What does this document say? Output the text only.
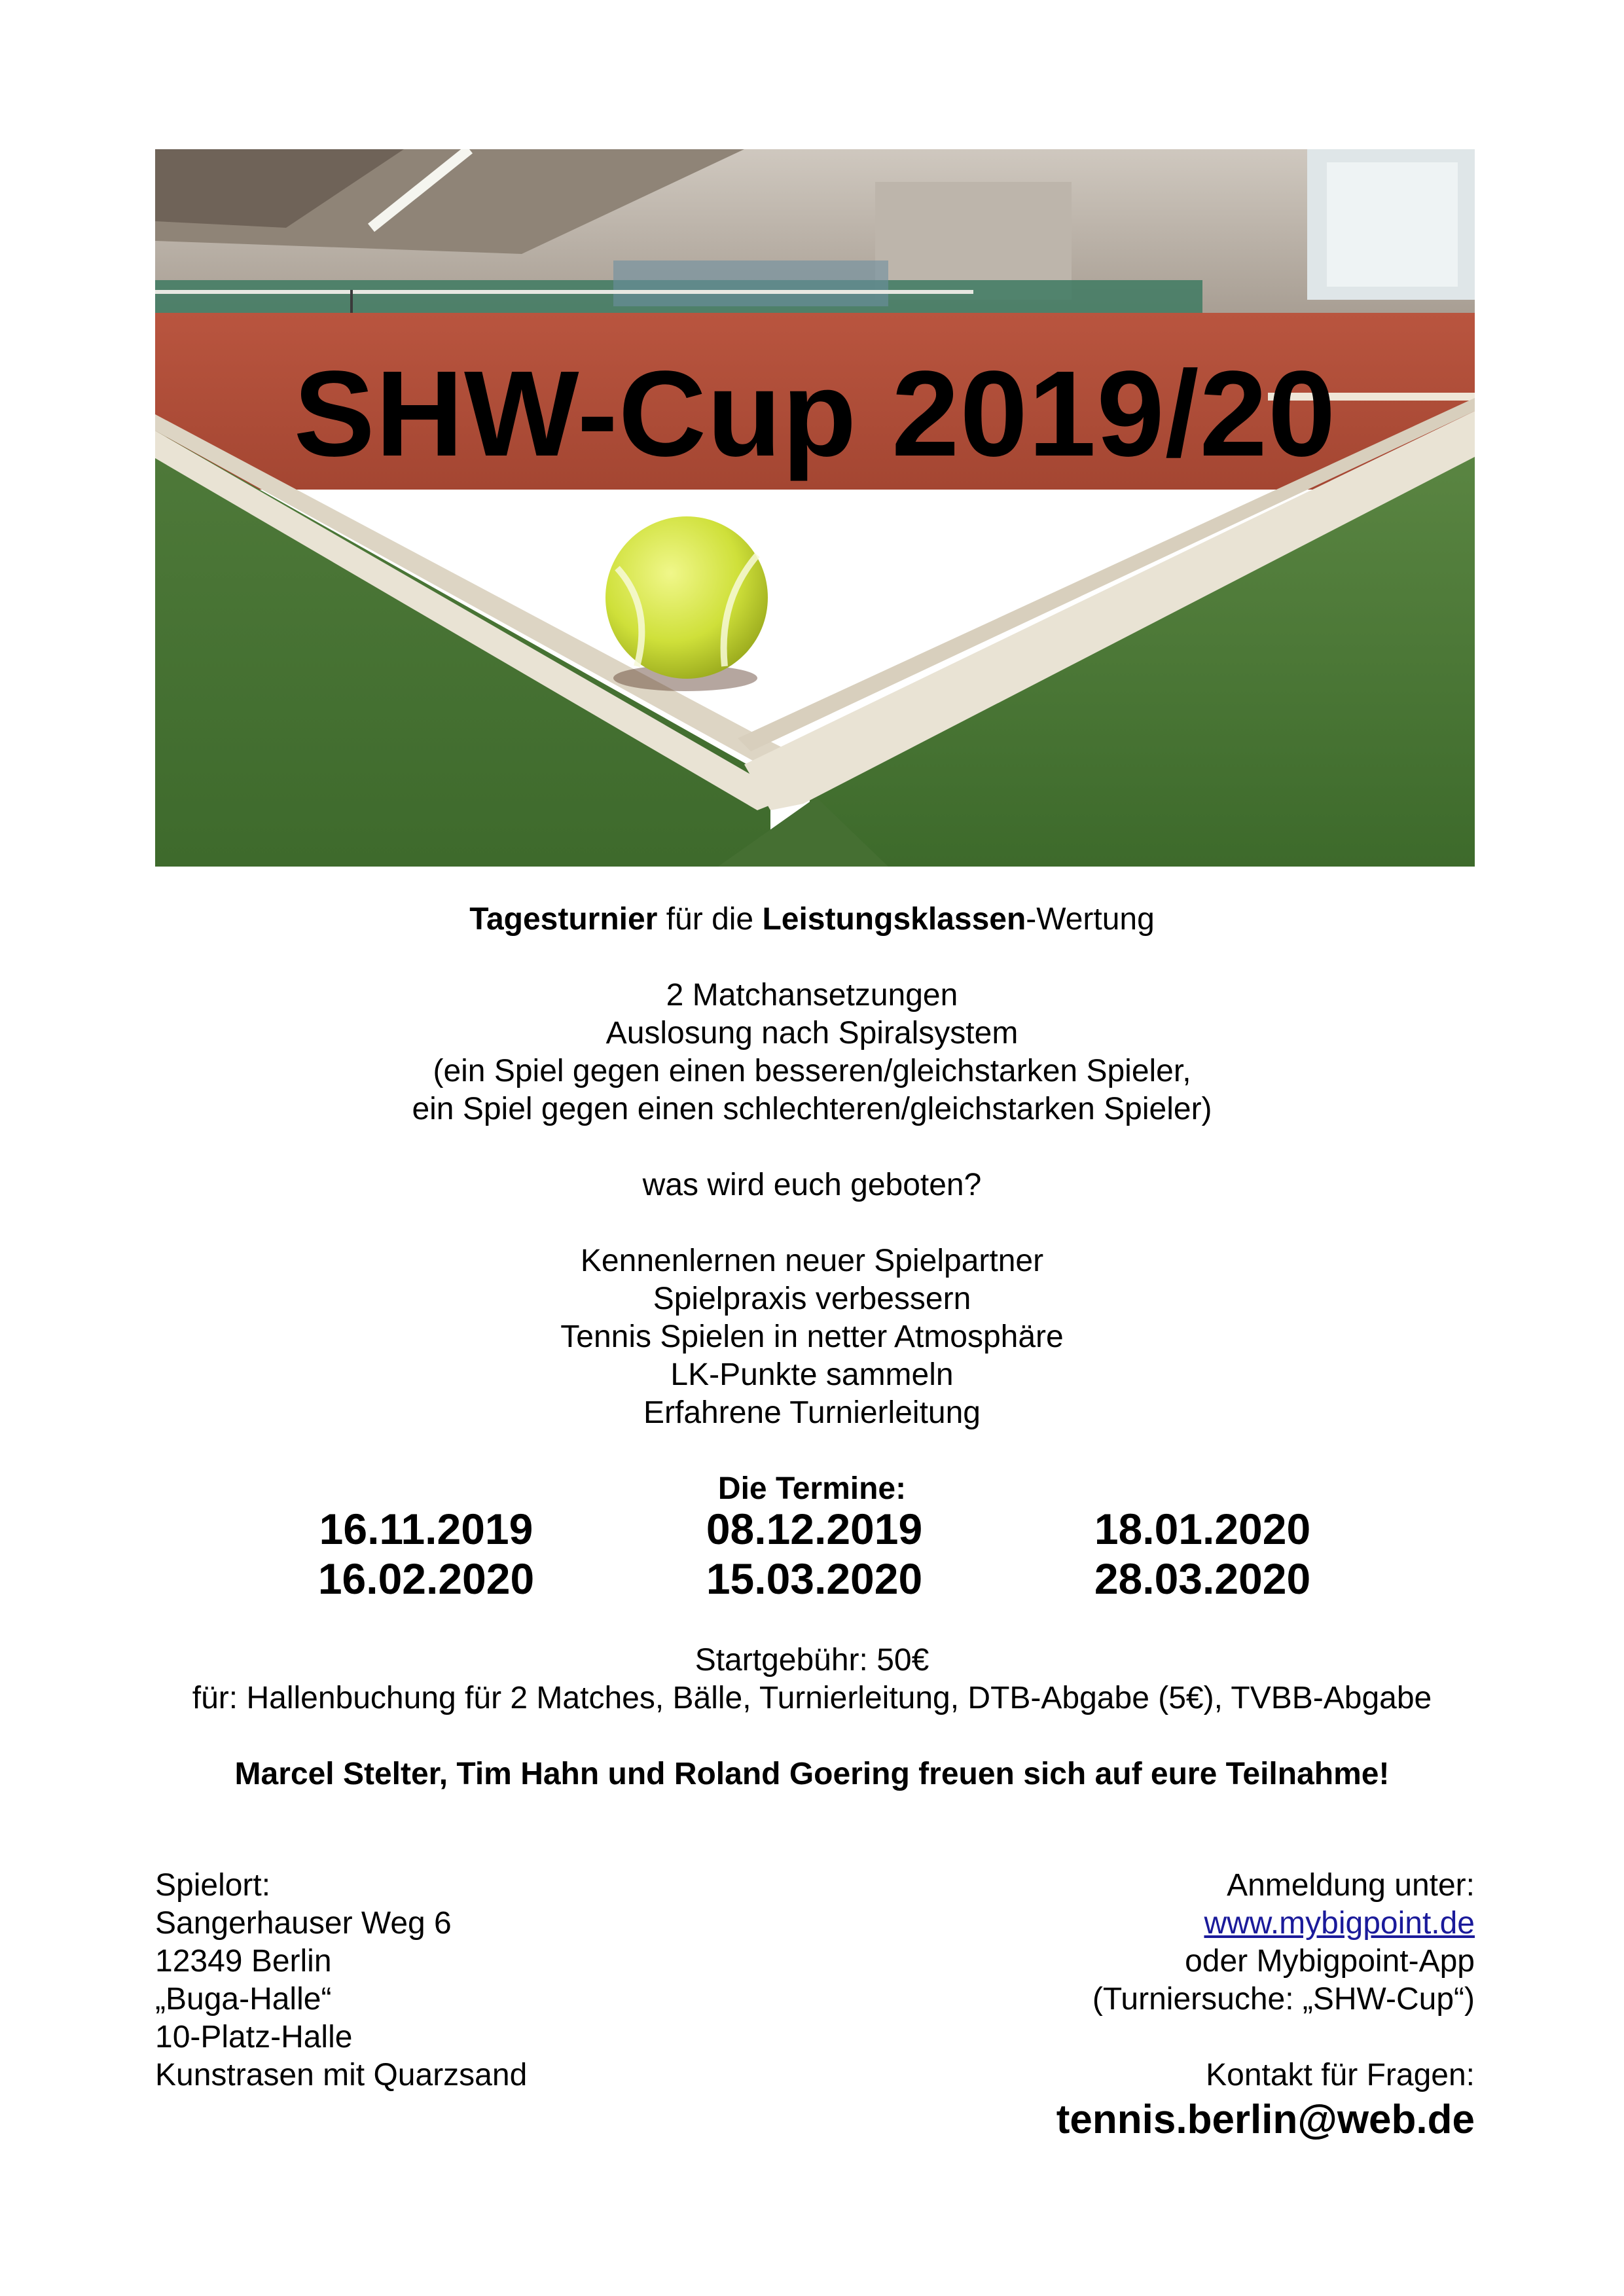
SHW-Cup 2019/20
Tagesturnier für die Leistungsklassen-Wertung
2 Matchansetzungen
Auslosung nach Spiralsystem
(ein Spiel gegen einen besseren/gleichstarken Spieler,
ein Spiel gegen einen schlechteren/gleichstarken Spieler)
was wird euch geboten?
Kennenlernen neuer Spielpartner
Spielpraxis verbessern
Tennis Spielen in netter Atmosphäre
LK-Punkte sammeln
Erfahrene Turnierleitung
Die Termine:
16.11.2019	08.12.2019	18.01.2020
16.02.2020	15.03.2020	28.03.2020
Startgebühr: 50€
für: Hallenbuchung für 2 Matches, Bälle, Turnierleitung, DTB-Abgabe (5€), TVBB-Abgabe
Marcel Stelter, Tim Hahn und Roland Goering freuen sich auf eure Teilnahme!
Spielort:
Sangerhauser Weg 6
12349 Berlin
„Buga-Halle“
10-Platz-Halle
Kunstrasen mit Quarzsand
Anmeldung unter:
www.mybigpoint.de
oder Mybigpoint-App
(Turniersuche: „SHW-Cup“)
Kontakt für Fragen:
tennis.berlin@web.de
